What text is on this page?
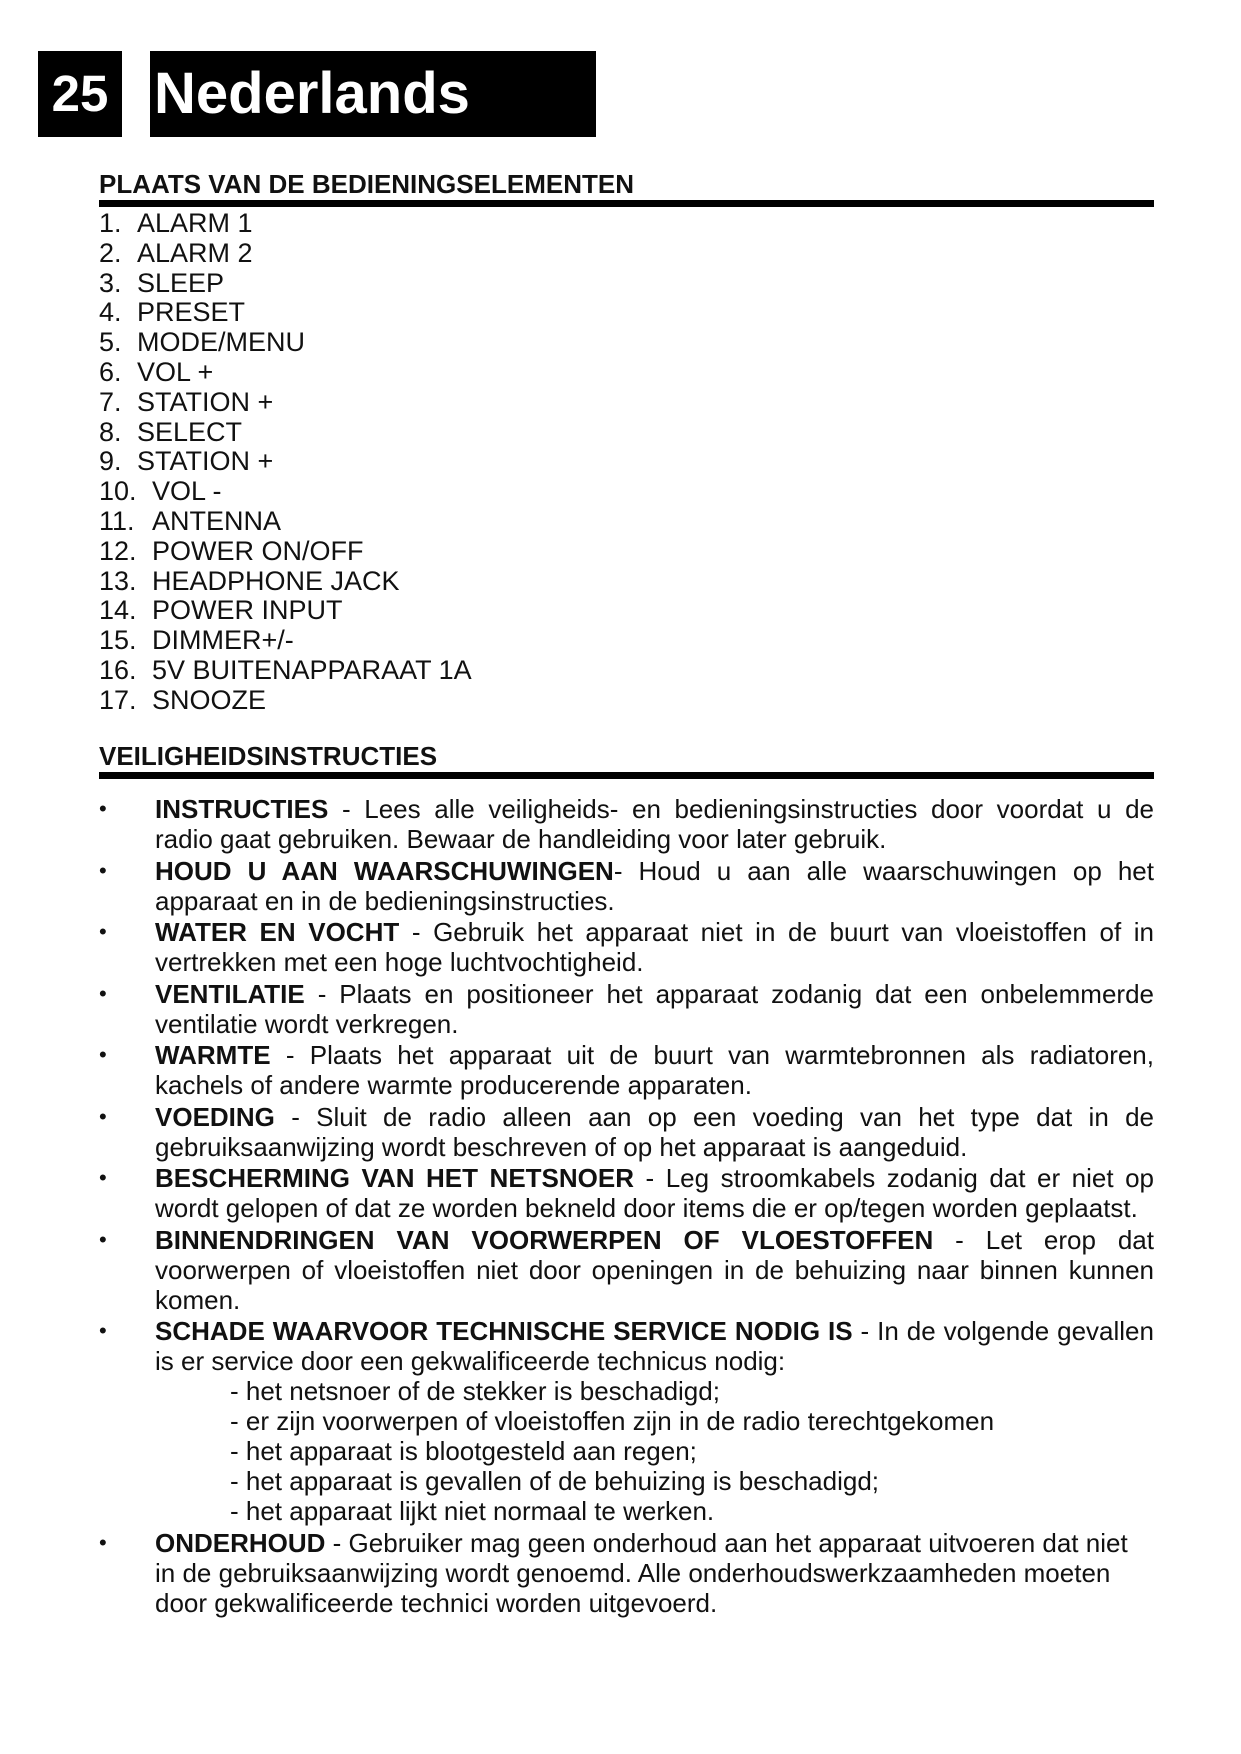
25 Nederlands
PLAATS VAN DE BEDIENINGSELEMENTEN
1. ALARM 1
2. ALARM 2
3. SLEEP
4. PRESET
5. MODE/MENU
6. VOL +
7. STATION +
8. SELECT
9. STATION +
10. VOL -
11. ANTENNA
12. POWER ON/OFF
13. HEADPHONE JACK
14. POWER INPUT
15. DIMMER+/-
16. 5V BUITENAPPARAAT 1A
17. SNOOZE
VEILIGHEIDSINSTRUCTIES
• INSTRUCTIES - Lees alle veiligheids- en bedieningsinstructies door voordat u de radio gaat gebruiken. Bewaar de handleiding voor later gebruik.
• HOUD U AAN WAARSCHUWINGEN- Houd u aan alle waarschuwingen op het apparaat en in de bedieningsinstructies.
• WATER EN VOCHT - Gebruik het apparaat niet in de buurt van vloeistoffen of in vertrekken met een hoge luchtvochtigheid.
• VENTILATIE - Plaats en positioneer het apparaat zodanig dat een onbelemmerde ventilatie wordt verkregen.
• WARMTE - Plaats het apparaat uit de buurt van warmtebronnen als radiatoren, kachels of andere warmte producerende apparaten.
• VOEDING - Sluit de radio alleen aan op een voeding van het type dat in de gebruiksaanwijzing wordt beschreven of op het apparaat is aangeduid.
• BESCHERMING VAN HET NETSNOER - Leg stroomkabels zodanig dat er niet op wordt gelopen of dat ze worden bekneld door items die er op/tegen worden geplaatst.
• BINNENDRINGEN VAN VOORWERPEN OF VLOESTOFFEN - Let erop dat voorwerpen of vloeistoffen niet door openingen in de behuizing naar binnen kunnen komen.
• SCHADE WAARVOOR TECHNISCHE SERVICE NODIG IS - In de volgende gevallen is er service door een gekwalificeerde technicus nodig:
- het netsnoer of de stekker is beschadigd;
- er zijn voorwerpen of vloeistoffen zijn in de radio terechtgekomen
- het apparaat is blootgesteld aan regen;
- het apparaat is gevallen of de behuizing is beschadigd;
- het apparaat lijkt niet normaal te werken.
• ONDERHOUD - Gebruiker mag geen onderhoud aan het apparaat uitvoeren dat niet in de gebruiksaanwijzing wordt genoemd. Alle onderhoudswerkzaamheden moeten door gekwalificeerde technici worden uitgevoerd.
